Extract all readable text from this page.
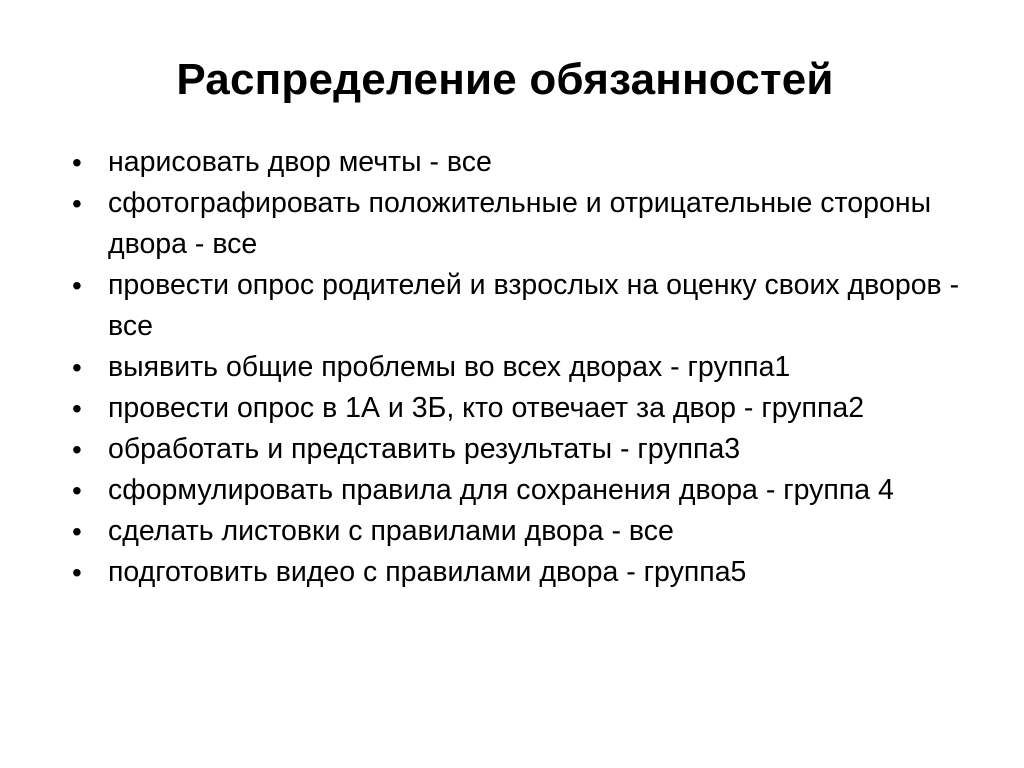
Распределение обязанностей
• нарисовать двор мечты - все
• сфотографировать положительные и отрицательные стороны двора - все
• провести опрос родителей и взрослых на оценку своих дворов - все
• выявить общие проблемы во всех дворах - группа1
• провести опрос в 1А и 3Б, кто отвечает за двор - группа2
• обработать и представить результаты - группа3
• сформулировать правила для сохранения двора - группа 4
• сделать листовки с правилами двора - все
• подготовить видео с правилами двора - группа5
